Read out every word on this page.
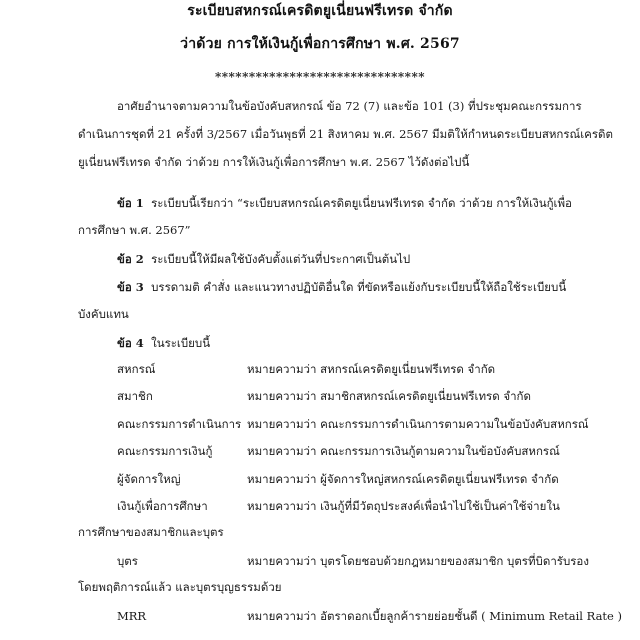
ระเบียบสหกรณ์เครดิตยูเนี่ยนฟรีเทรด จำกัด
ว่าด้วย การให้เงินกู้เพื่อการศึกษา พ.ศ. 2567
*******************************
อาศัยอำนาจตามความในข้อบังคับสหกรณ์ ข้อ 72 (7) และข้อ 101 (3) ที่ประชุมคณะกรรมการ
ดำเนินการชุดที่ 21 ครั้งที่ 3/2567 เมื่อวันพุธที่ 21 สิงหาคม พ.ศ. 2567 มีมติให้กำหนดระเบียบสหกรณ์เครดิต
ยูเนี่ยนฟรีเทรด จำกัด ว่าด้วย การให้เงินกู้เพื่อการศึกษา พ.ศ. 2567 ไว้ดังต่อไปนี้
ข้อ 1 ระเบียบนี้เรียกว่า “ระเบียบสหกรณ์เครดิตยูเนี่ยนฟรีเทรด จำกัด ว่าด้วย การให้เงินกู้เพื่อ
การศึกษา พ.ศ. 2567”
ข้อ 2 ระเบียบนี้ให้มีผลใช้บังคับตั้งแต่วันที่ประกาศเป็นต้นไป
ข้อ 3 บรรดามติ คำสั่ง และแนวทางปฏิบัติอื่นใด ที่ขัดหรือแย้งกับระเบียบนี้ให้ถือใช้ระเบียบนี้
บังคับแทน
ข้อ 4 ในระเบียบนี้
สหกรณ์	หมายความว่า สหกรณ์เครดิตยูเนี่ยนฟรีเทรด จำกัด
สมาชิก	หมายความว่า สมาชิกสหกรณ์เครดิตยูเนี่ยนฟรีเทรด จำกัด
คณะกรรมการดำเนินการ หมายความว่า คณะกรรมการดำเนินการตามความในข้อบังคับสหกรณ์
คณะกรรมการเงินกู้	หมายความว่า คณะกรรมการเงินกู้ตามความในข้อบังคับสหกรณ์
ผู้จัดการใหญ่	หมายความว่า ผู้จัดการใหญ่สหกรณ์เครดิตยูเนี่ยนฟรีเทรด จำกัด
เงินกู้เพื่อการศึกษา	หมายความว่า เงินกู้ที่มีวัตถุประสงค์เพื่อนำไปใช้เป็นค่าใช้จ่ายใน
การศึกษาของสมาชิกและบุตร
บุตร	หมายความว่า บุตรโดยชอบด้วยกฎหมายของสมาชิก บุตรที่บิดารับรอง
โดยพฤติการณ์แล้ว และบุตรบุญธรรมด้วย
MRR	หมายความว่า อัตราดอกเบี้ยลูกค้ารายย่อยชั้นดี ( Minimum Retail Rate )
